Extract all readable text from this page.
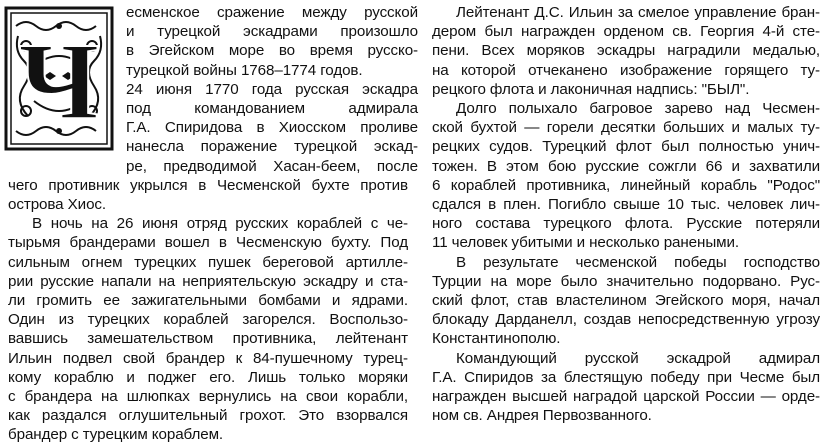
Ч
есменское сражение между русской
и турецкой эскадрами произошло
в Эгейском море во время русско-
турецкой войны 1768–1774 годов.
24 июня 1770 года русская эскадра
под командованием адмирала
Г.А. Спиридова в Хиосском проливе
нанесла поражение турецкой эскад-
ре, предводимой Хасан-беем, после
чего противник укрылся в Чесменской бухте против
острова Хиос.
В ночь на 26 июня отряд русских кораблей с че-
тырьмя брандерами вошел в Чесменскую бухту. Под
сильным огнем турецких пушек береговой артилле-
рии русские напали на неприятельскую эскадру и ста-
ли громить ее зажигательными бомбами и ядрами.
Один из турецких кораблей загорелся. Воспользо-
вавшись замешательством противника, лейтенант
Ильин подвел свой брандер к 84-пушечному турец-
кому кораблю и поджег его. Лишь только моряки
с брандера на шлюпках вернулись на свои корабли,
как раздался оглушительный грохот. Это взорвался
брандер с турецким кораблем.
Лейтенант Д.С. Ильин за смелое управление бран-
дером был награжден орденом св. Георгия 4-й сте-
пени. Всех моряков эскадры наградили медалью,
на которой отчеканено изображение горящего ту-
рецкого флота и лаконичная надпись: "БЫЛ".
Долго полыхало багровое зарево над Чесмен-
ской бухтой — горели десятки больших и малых ту-
рецких судов. Турецкий флот был полностью унич-
тожен. В этом бою русские сожгли 66 и захватили
6 кораблей противника, линейный корабль "Родос"
сдался в плен. Погибло свыше 10 тыс. человек лич-
ного состава турецкого флота. Русские потеряли
11 человек убитыми и несколько ранеными.
В результате чесменской победы господство
Турции на море было значительно подорвано. Рус-
ский флот, став властелином Эгейского моря, начал
блокаду Дарданелл, создав непосредственную угрозу
Константинополю.
Командующий русской эскадрой адмирал
Г.А. Спиридов за блестящую победу при Чесме был
награжден высшей наградой царской России — орде-
ном св. Андрея Первозванного.
